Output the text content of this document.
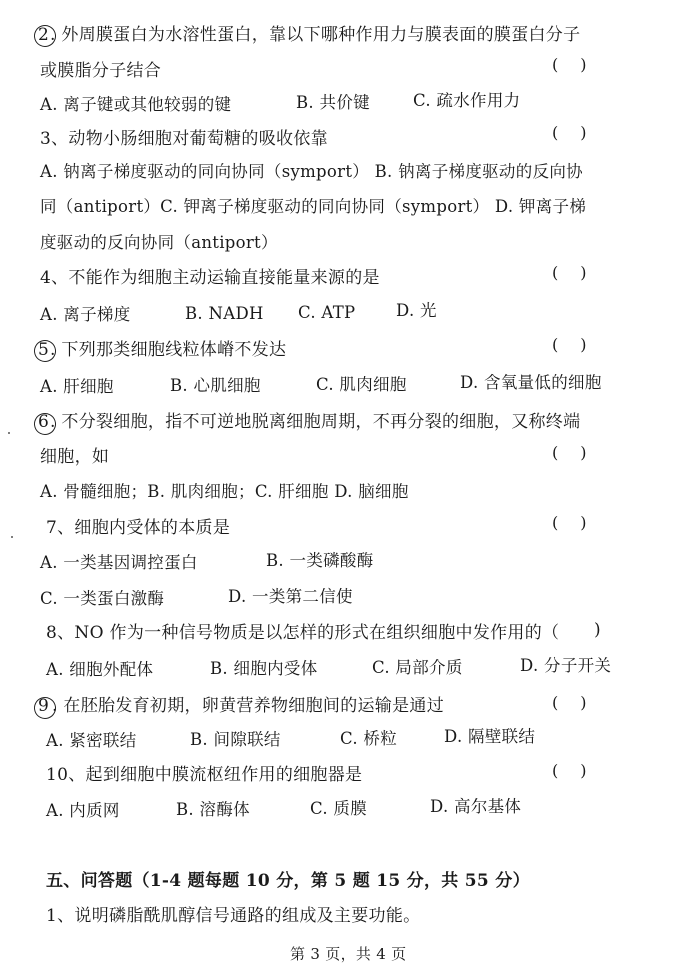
2 . 外周膜蛋白为水溶性蛋白，靠以下哪种作用力与膜表面的膜蛋白分子

或膜脂分子结合	()

A. 离子键或其他较弱的键	B. 共价键	C. 疏水作用力

3、动物小肠细胞对葡萄糖的吸收依靠	()

A. 钠离子梯度驱动的同向协同（symport） B. 钠离子梯度驱动的反向协

同（antiport）C. 钾离子梯度驱动的同向协同（symport） D. 钾离子梯

度驱动的反向协同（antiport）

4、不能作为细胞主动运输直接能量来源的是	()

A. 离子梯度	B. NADH C. ATP D. 光

5 . 下列那类细胞线粒体嵴不发达	()

A. 肝细胞	B. 心肌细胞	C. 肌肉细胞	D. 含氧量低的细胞

6 . 不分裂细胞，指不可逆地脱离细胞周期，不再分裂的细胞，又称终端

细胞，如	()

A. 骨髓细胞；B. 肌肉细胞；C. 肝细胞 D. 脑细胞

7、细胞内受体的本质是	()

A. 一类基因调控蛋白	B. 一类磷酸酶

C. 一类蛋白激酶	D. 一类第二信使

8、NO 作为一种信号物质是以怎样的形式在组织细胞中发作用的（ )

A. 细胞外配体	B. 细胞内受体	C. 局部介质	D. 分子开关

9 . 在胚胎发育初期，卵黄营养物细胞间的运输是通过	()

A. 紧密联结	B. 间隙联结	C. 桥粒	D. 隔壁联结

10、起到细胞中膜流枢纽作用的细胞器是	()

A. 内质网	B. 溶酶体	C. 质膜	D. 高尔基体

五、问答题（1-4 题每题 10 分，第 5 题 15 分，共 55 分）

1、说明磷脂酰肌醇信号通路的组成及主要功能。

第 3 页，共 4 页
